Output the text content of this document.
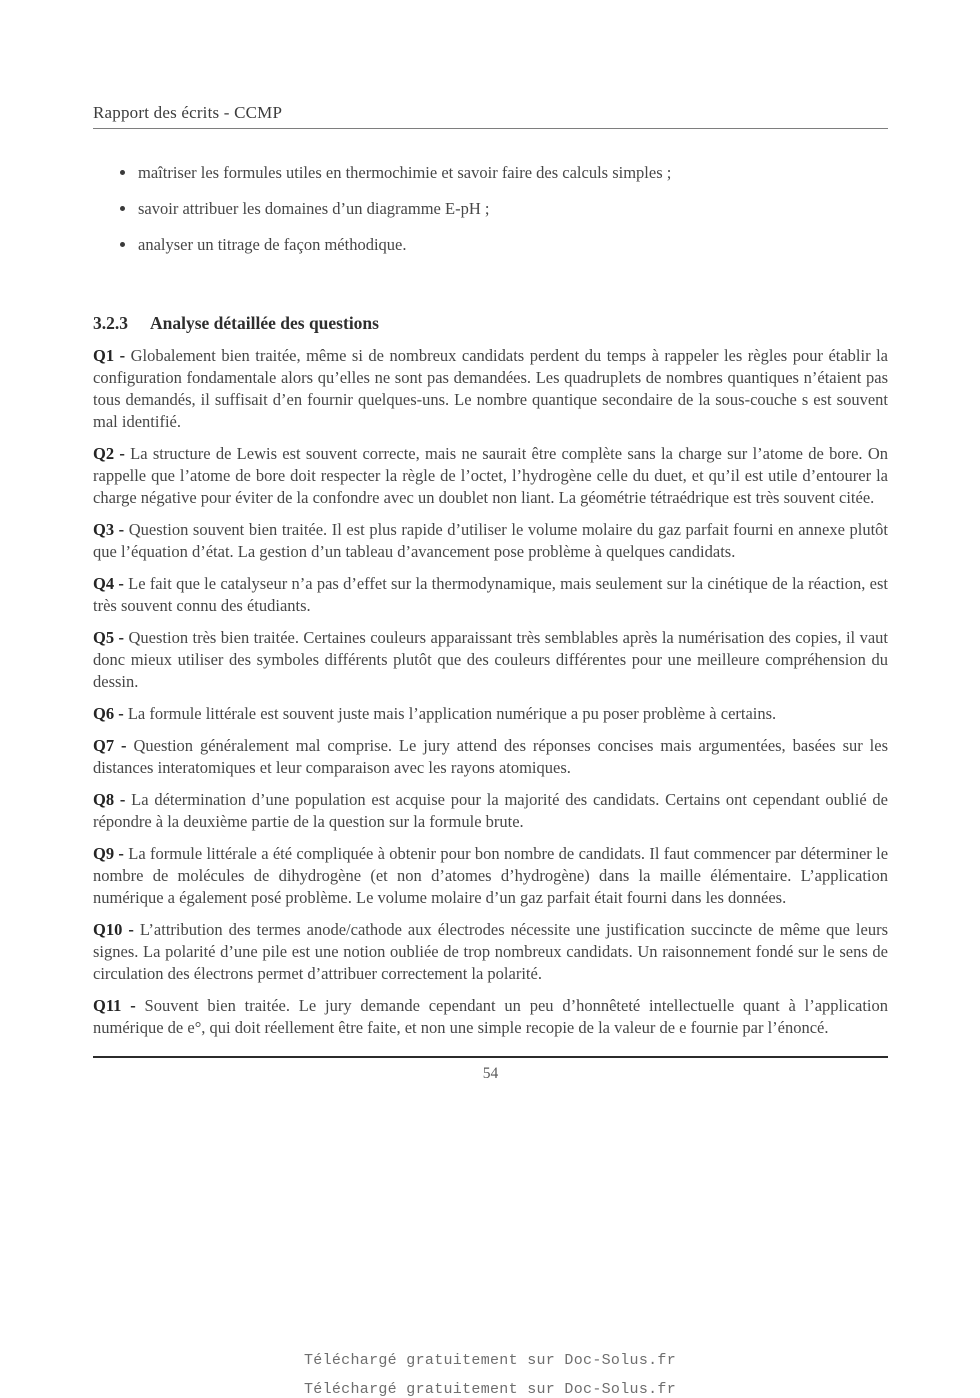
Rapport des écrits - CCMP
maîtriser les formules utiles en thermochimie et savoir faire des calculs simples ;
savoir attribuer les domaines d’un diagramme E-pH ;
analyser un titrage de façon méthodique.
3.2.3 Analyse détaillée des questions

Q1 - Globalement bien traitée, même si de nombreux candidats perdent du temps à rappeler les règles pour établir la configuration fondamentale alors qu’elles ne sont pas demandées. Les quadruplets de nombres quantiques n’étaient pas tous demandés, il suffisait d’en fournir quelques-uns. Le nombre quantique secondaire de la sous-couche s est souvent mal identifié.

Q2 - La structure de Lewis est souvent correcte, mais ne saurait être complète sans la charge sur l’atome de bore. On rappelle que l’atome de bore doit respecter la règle de l’octet, l’hydrogène celle du duet, et qu’il est utile d’entourer la charge négative pour éviter de la confondre avec un doublet non liant. La géométrie tétraédrique est très souvent citée.

Q3 - Question souvent bien traitée. Il est plus rapide d’utiliser le volume molaire du gaz parfait fourni en annexe plutôt que l’équation d’état. La gestion d’un tableau d’avancement pose problème à quelques candidats.

Q4 - Le fait que le catalyseur n’a pas d’effet sur la thermodynamique, mais seulement sur la cinétique de la réaction, est très souvent connu des étudiants.

Q5 - Question très bien traitée. Certaines couleurs apparaissant très semblables après la numérisation des copies, il vaut donc mieux utiliser des symboles différents plutôt que des couleurs différentes pour une meilleure compréhension du dessin.

Q6 - La formule littérale est souvent juste mais l’application numérique a pu poser problème à certains.

Q7 - Question généralement mal comprise. Le jury attend des réponses concises mais argumentées, basées sur les distances interatomiques et leur comparaison avec les rayons atomiques.

Q8 - La détermination d’une population est acquise pour la majorité des candidats. Certains ont cependant oublié de répondre à la deuxième partie de la question sur la formule brute.

Q9 - La formule littérale a été compliquée à obtenir pour bon nombre de candidats. Il faut commencer par déterminer le nombre de molécules de dihydrogène (et non d’atomes d’hydrogène) dans la maille élémentaire. L’application numérique a également posé problème. Le volume molaire d’un gaz parfait était fourni dans les données.

Q10 - L’attribution des termes anode/cathode aux électrodes nécessite une justification succincte de même que leurs signes. La polarité d’une pile est une notion oubliée de trop nombreux candidats. Un raisonnement fondé sur le sens de circulation des électrons permet d’attribuer correctement la polarité.

Q11 - Souvent bien traitée. Le jury demande cependant un peu d’honnêteté intellectuelle quant à l’application numérique de e°, qui doit réellement être faite, et non une simple recopie de la valeur de e fournie par l’énoncé.

54
Téléchargé gratuitement sur Doc-Solus.fr
Téléchargé gratuitement sur Doc-Solus.fr
